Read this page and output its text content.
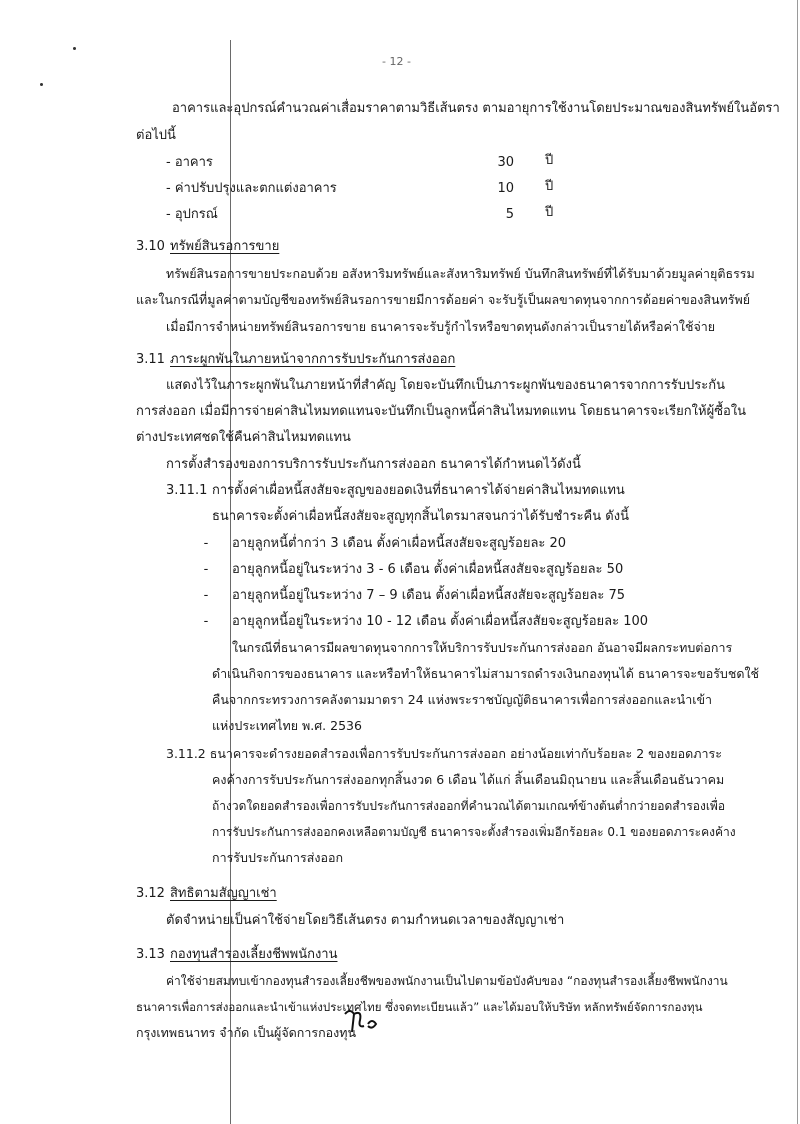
- 12 -
อาคารและอุปกรณ์คำนวณค่าเสื่อมราคาตามวิธีเส้นตรง ตามอายุการใช้งานโดยประมาณของสินทรัพย์ในอัตรา
ต่อไปนี้
- อาคาร	30 ปี
- ค่าปรับปรุงและตกแต่งอาคาร	10 ปี
- อุปกรณ์	5 ปี
3.10 ทรัพย์สินรอการขาย
ทรัพย์สินรอการขายประกอบด้วย อสังหาริมทรัพย์และสังหาริมทรัพย์ บันทึกสินทรัพย์ที่ได้รับมาด้วยมูลค่ายุติธรรม
และในกรณีที่มูลค่าตามบัญชีของทรัพย์สินรอการขายมีการด้อยค่า จะรับรู้เป็นผลขาดทุนจากการด้อยค่าของสินทรัพย์
เมื่อมีการจำหน่ายทรัพย์สินรอการขาย ธนาคารจะรับรู้กำไรหรือขาดทุนดังกล่าวเป็นรายได้หรือค่าใช้จ่าย
3.11 ภาระผูกพันในภายหน้าจากการรับประกันการส่งออก
แสดงไว้ในภาระผูกพันในภายหน้าที่สำคัญ โดยจะบันทึกเป็นภาระผูกพันของธนาคารจากการรับประกัน
การส่งออก เมื่อมีการจ่ายค่าสินไหมทดแทนจะบันทึกเป็นลูกหนี้ค่าสินไหมทดแทน โดยธนาคารจะเรียกให้ผู้ซื้อใน
ต่างประเทศชดใช้คืนค่าสินไหมทดแทน
การตั้งสำรองของการบริการรับประกันการส่งออก ธนาคารได้กำหนดไว้ดังนี้
3.11.1 การตั้งค่าเผื่อหนี้สงสัยจะสูญของยอดเงินที่ธนาคารได้จ่ายค่าสินไหมทดแทน
ธนาคารจะตั้งค่าเผื่อหนี้สงสัยจะสูญทุกสิ้นไตรมาสจนกว่าได้รับชำระคืน ดังนี้
- อายุลูกหนี้ต่ำกว่า 3 เดือน ตั้งค่าเผื่อหนี้สงสัยจะสูญร้อยละ 20
- อายุลูกหนี้อยู่ในระหว่าง 3 - 6 เดือน ตั้งค่าเผื่อหนี้สงสัยจะสูญร้อยละ 50
- อายุลูกหนี้อยู่ในระหว่าง 7 – 9 เดือน ตั้งค่าเผื่อหนี้สงสัยจะสูญร้อยละ 75
- อายุลูกหนี้อยู่ในระหว่าง 10 - 12 เดือน ตั้งค่าเผื่อหนี้สงสัยจะสูญร้อยละ 100
ในกรณีที่ธนาคารมีผลขาดทุนจากการให้บริการรับประกันการส่งออก อันอาจมีผลกระทบต่อการ
ดำเนินกิจการของธนาคาร และหรือทำให้ธนาคารไม่สามารถดำรงเงินกองทุนได้ ธนาคารจะขอรับชดใช้
คืนจากกระทรวงการคลังตามมาตรา 24 แห่งพระราชบัญญัติธนาคารเพื่อการส่งออกและนำเข้า
แห่งประเทศไทย พ.ศ. 2536
3.11.2 ธนาคารจะดำรงยอดสำรองเพื่อการรับประกันการส่งออก อย่างน้อยเท่ากับร้อยละ 2 ของยอดภาระ
คงค้างการรับประกันการส่งออกทุกสิ้นงวด 6 เดือน ได้แก่ สิ้นเดือนมิถุนายน และสิ้นเดือนธันวาคม
ถ้างวดใดยอดสำรองเพื่อการรับประกันการส่งออกที่คำนวณได้ตามเกณฑ์ข้างต้นต่ำกว่ายอดสำรองเพื่อ
การรับประกันการส่งออกคงเหลือตามบัญชี ธนาคารจะตั้งสำรองเพิ่มอีกร้อยละ 0.1 ของยอดภาระคงค้าง
การรับประกันการส่งออก
3.12 สิทธิตามสัญญาเช่า
ตัดจำหน่ายเป็นค่าใช้จ่ายโดยวิธีเส้นตรง ตามกำหนดเวลาของสัญญาเช่า
3.13 กองทุนสำรองเลี้ยงชีพพนักงาน
ค่าใช้จ่ายสมทบเข้ากองทุนสำรองเลี้ยงชีพของพนักงานเป็นไปตามข้อบังคับของ “กองทุนสำรองเลี้ยงชีพพนักงาน
ธนาคารเพื่อการส่งออกและนำเข้าแห่งประเทศไทย ซึ่งจดทะเบียนแล้ว” และได้มอบให้บริษัท หลักทรัพย์จัดการกองทุน
กรุงเทพธนาทร จำกัด เป็นผู้จัดการกองทุน
